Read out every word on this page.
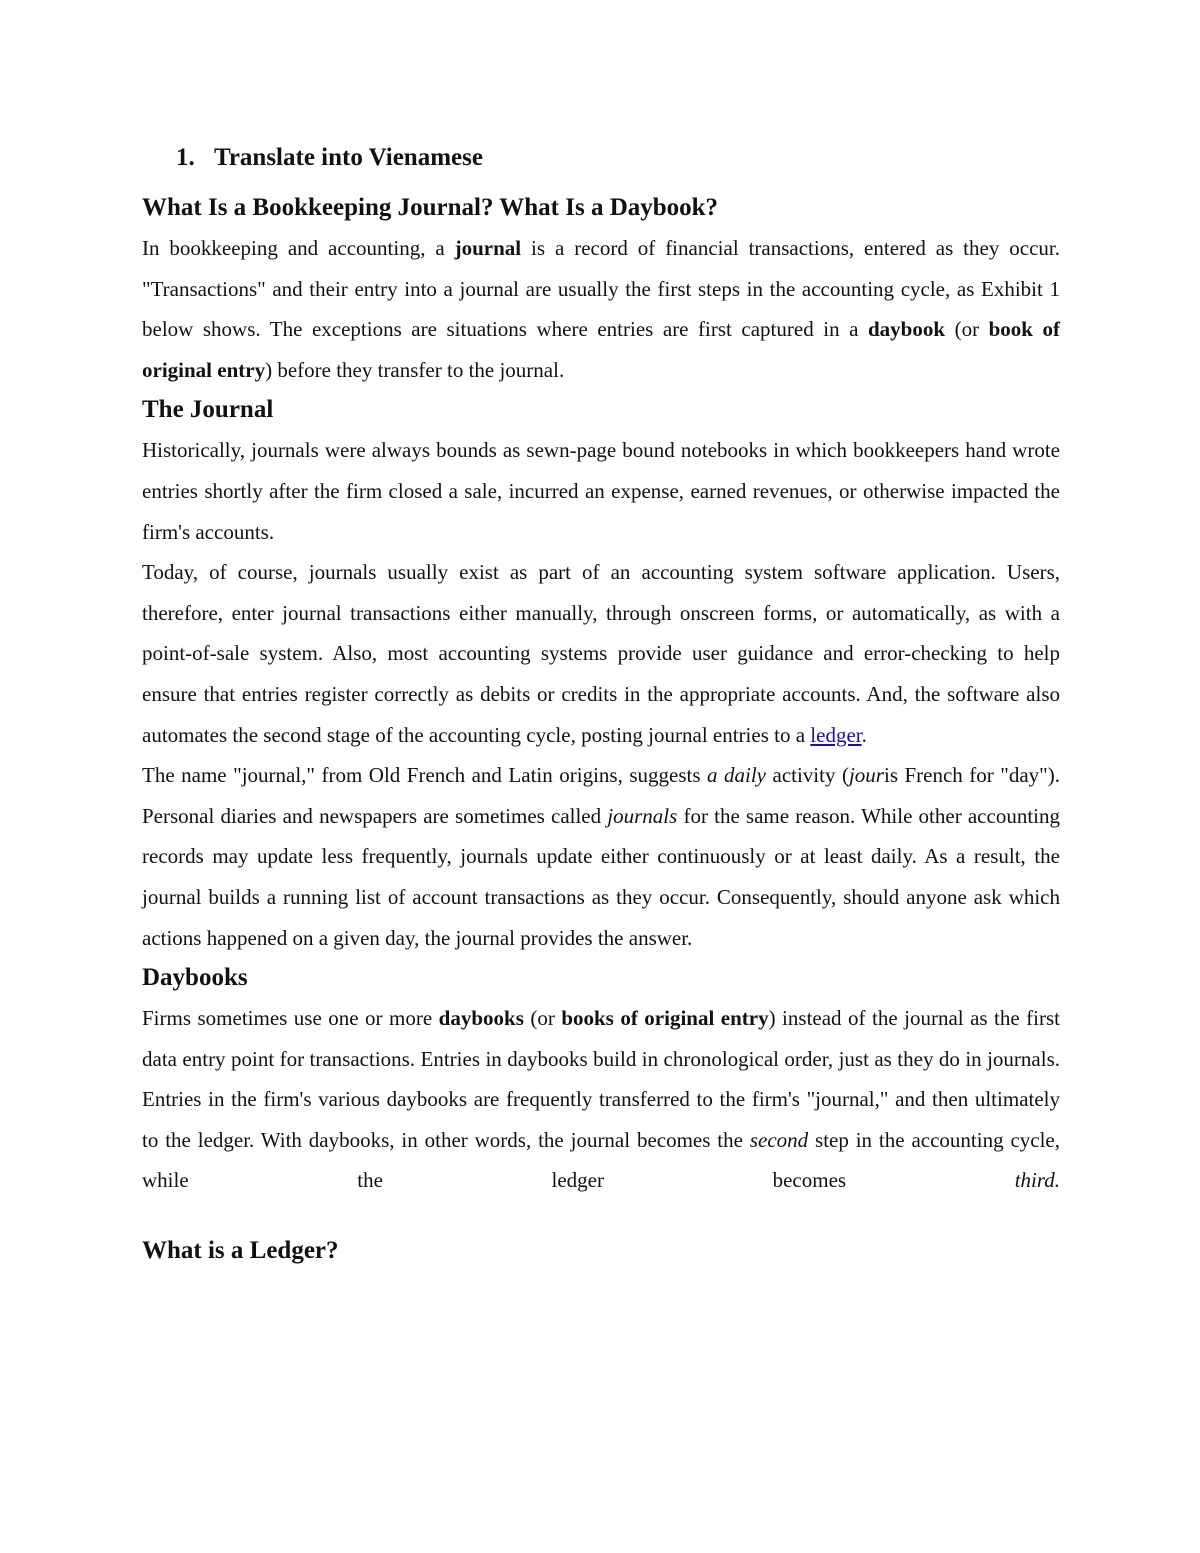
1. Translate into Vienamese
What Is a Bookkeeping Journal? What Is a Daybook?

In bookkeeping and accounting, a journal is a record of financial transactions, entered as they occur. "Transactions" and their entry into a journal are usually the first steps in the accounting cycle, as Exhibit 1 below shows. The exceptions are situations where entries are first captured in a daybook (or book of original entry) before they transfer to the journal.

The Journal

Historically, journals were always bounds as sewn-page bound notebooks in which bookkeepers hand wrote entries shortly after the firm closed a sale, incurred an expense, earned revenues, or otherwise impacted the firm's accounts.

Today, of course, journals usually exist as part of an accounting system software application. Users, therefore, enter journal transactions either manually, through onscreen forms, or automatically, as with a point-of-sale system. Also, most accounting systems provide user guidance and error-checking to help ensure that entries register correctly as debits or credits in the appropriate accounts. And, the software also automates the second stage of the accounting cycle, posting journal entries to a ledger.

The name "journal," from Old French and Latin origins, suggests a daily activity (jouris French for "day"). Personal diaries and newspapers are sometimes called journals for the same reason. While other accounting records may update less frequently, journals update either continuously or at least daily. As a result, the journal builds a running list of account transactions as they occur. Consequently, should anyone ask which actions happened on a given day, the journal provides the answer.

Daybooks

Firms sometimes use one or more daybooks (or books of original entry) instead of the journal as the first data entry point for transactions. Entries in daybooks build in chronological order, just as they do in journals. Entries in the firm's various daybooks are frequently transferred to the firm's "journal," and then ultimately to the ledger. With daybooks, in other words, the journal becomes the second step in the accounting cycle, while the ledger becomes third.

What is a Ledger?
